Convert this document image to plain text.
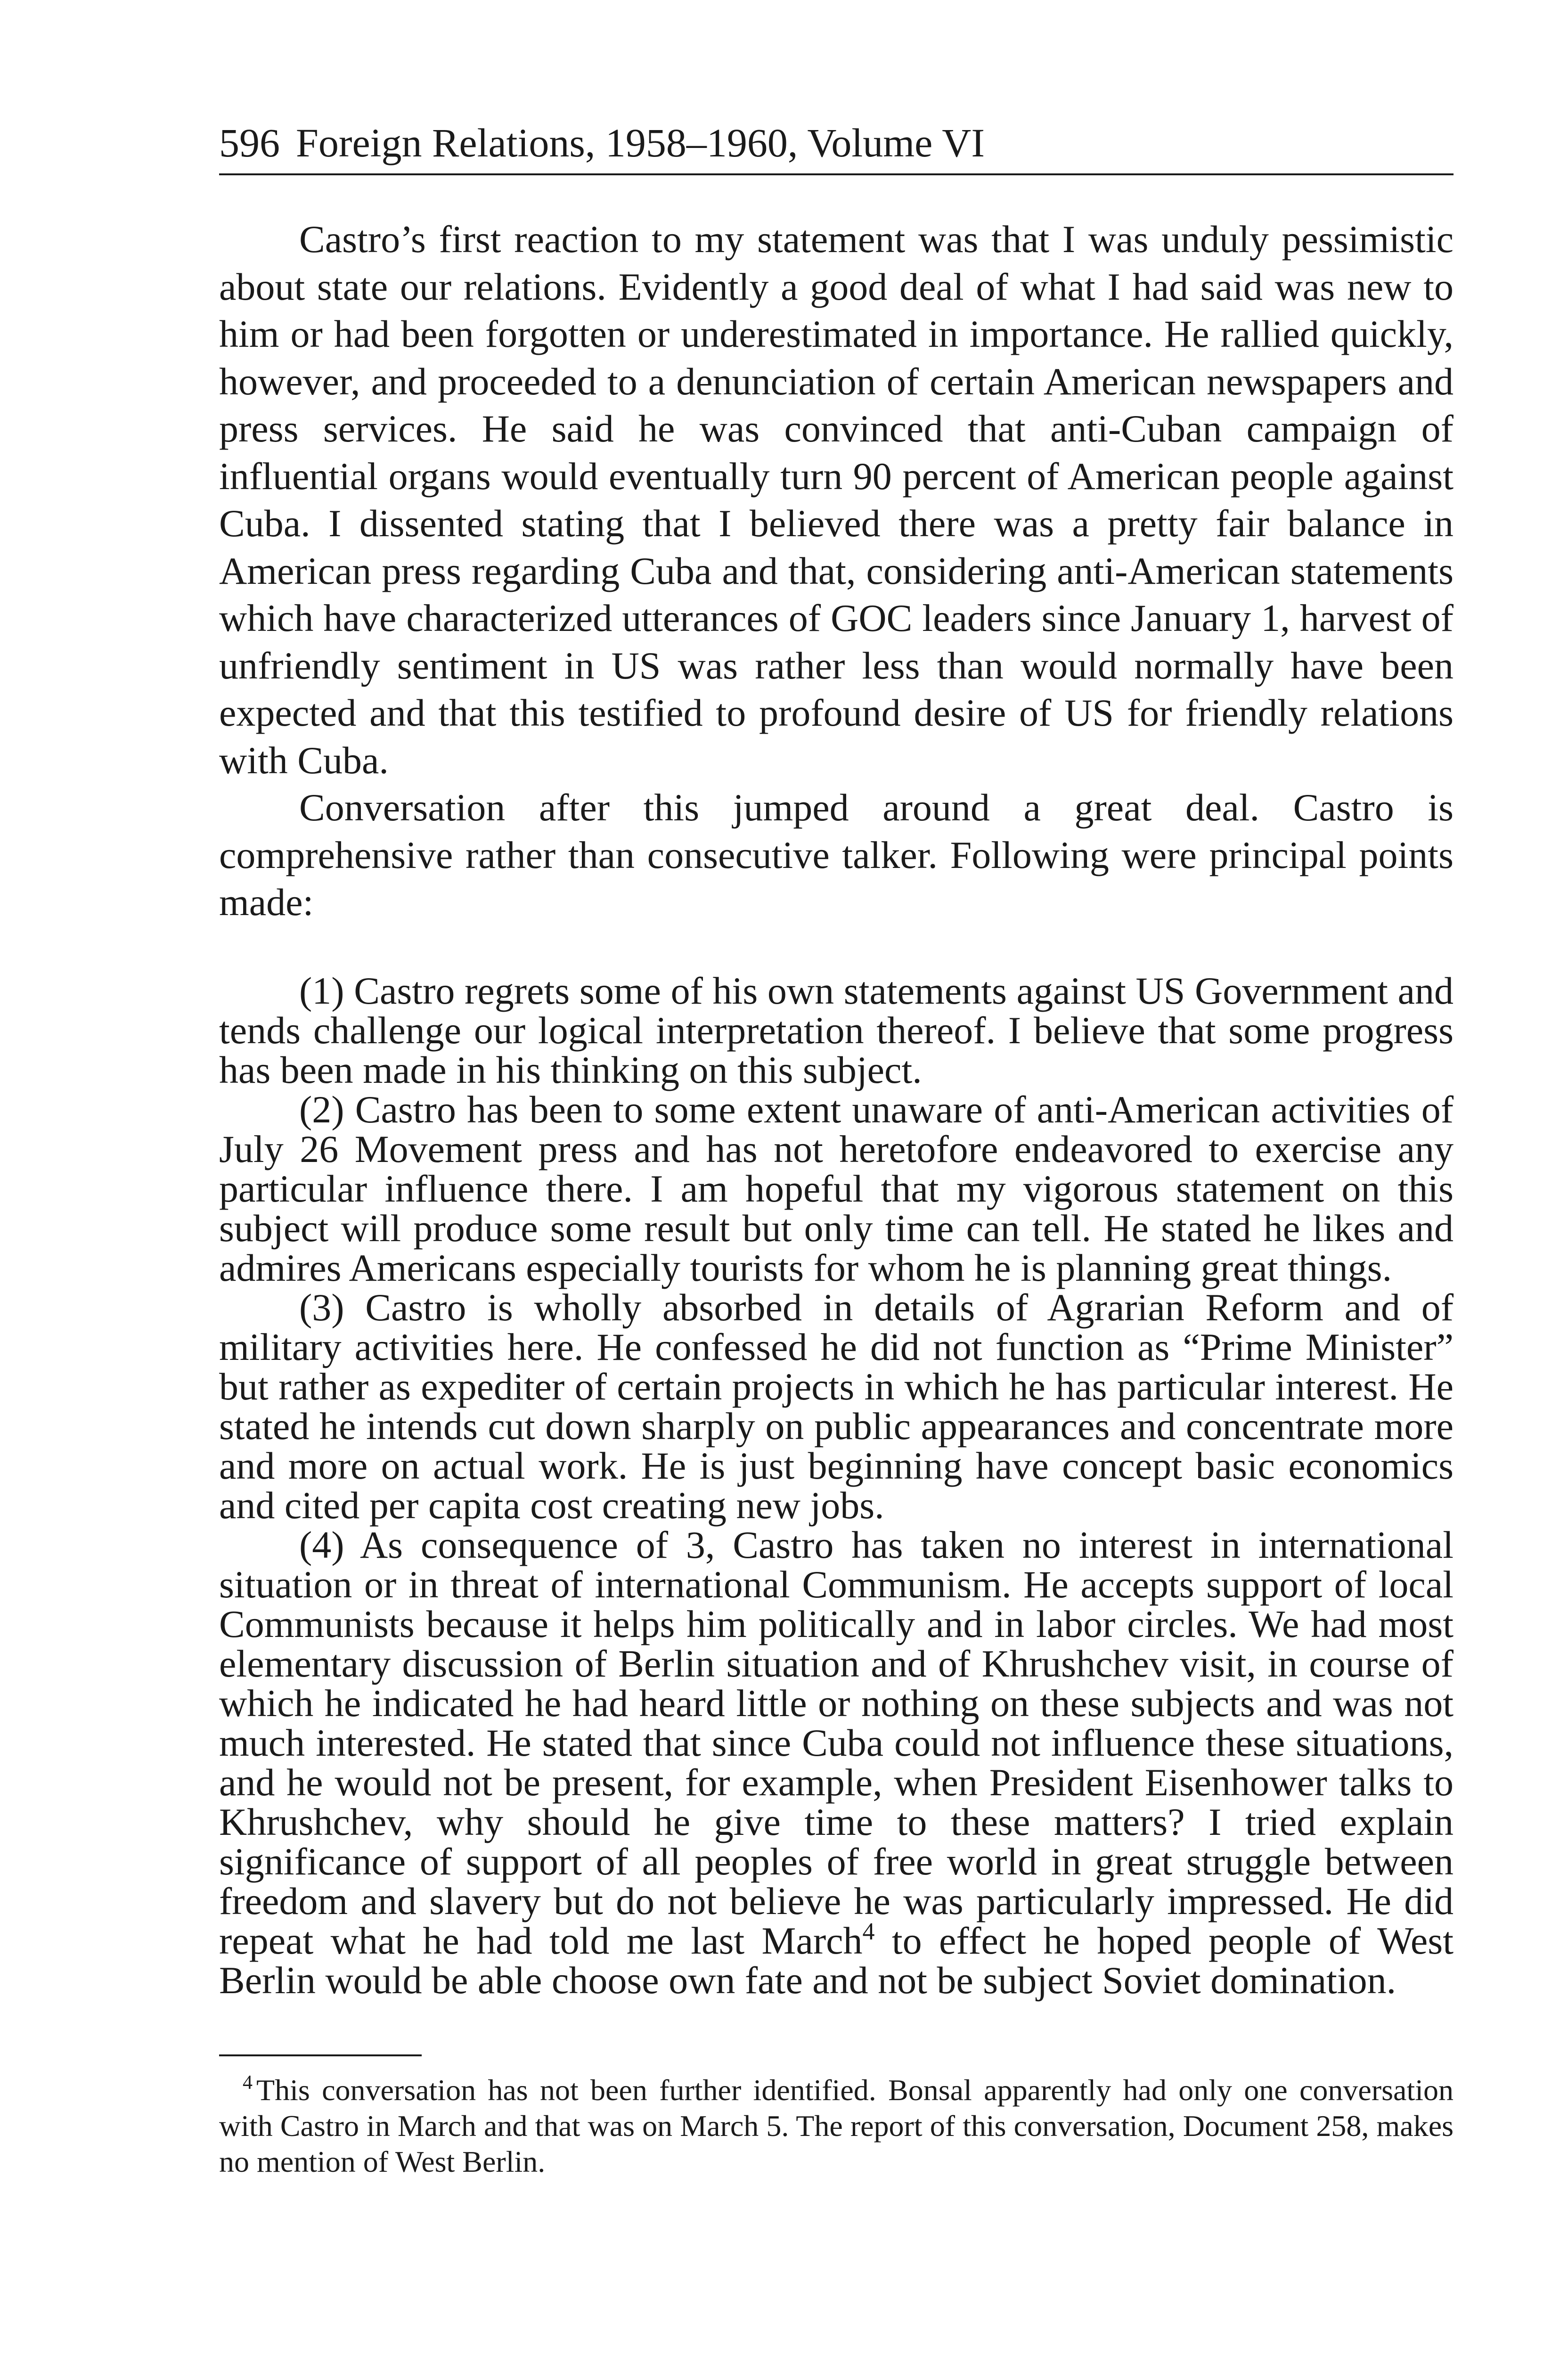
596 Foreign Relations, 1958–1960, Volume VI

Castro’s first reaction to my statement was that I was unduly pessimistic about state our relations. Evidently a good deal of what I had said was new to him or had been forgotten or underestimated in importance. He rallied quickly, however, and proceeded to a denunciation of certain American newspapers and press services. He said he was convinced that anti-Cuban campaign of influential organs would eventually turn 90 percent of American people against Cuba. I dissented stating that I believed there was a pretty fair balance in American press regarding Cuba and that, considering anti-American statements which have characterized utterances of GOC leaders since January 1, harvest of unfriendly sentiment in US was rather less than would normally have been expected and that this testified to profound desire of US for friendly relations with Cuba.

Conversation after this jumped around a great deal. Castro is comprehensive rather than consecutive talker. Following were principal points made:

(1) Castro regrets some of his own statements against US Government and tends challenge our logical interpretation thereof. I believe that some progress has been made in his thinking on this subject.

(2) Castro has been to some extent unaware of anti-American activities of July 26 Movement press and has not heretofore endeavored to exercise any particular influence there. I am hopeful that my vigorous statement on this subject will produce some result but only time can tell. He stated he likes and admires Americans especially tourists for whom he is planning great things.

(3) Castro is wholly absorbed in details of Agrarian Reform and of military activities here. He confessed he did not function as “Prime Minister” but rather as expediter of certain projects in which he has particular interest. He stated he intends cut down sharply on public appearances and concentrate more and more on actual work. He is just beginning have concept basic economics and cited per capita cost creating new jobs.

(4) As consequence of 3, Castro has taken no interest in international situation or in threat of international Communism. He accepts support of local Communists because it helps him politically and in labor circles. We had most elementary discussion of Berlin situation and of Khrushchev visit, in course of which he indicated he had heard little or nothing on these subjects and was not much interested. He stated that since Cuba could not influence these situations, and he would not be present, for example, when President Eisenhower talks to Khrushchev, why should he give time to these matters? I tried explain significance of support of all peoples of free world in great struggle between freedom and slavery but do not believe he was particularly impressed. He did repeat what he had told me last March$^4$ to effect he hoped people of West Berlin would be able choose own fate and not be subject Soviet domination.

$^4$ This conversation has not been further identified. Bonsal apparently had only one conversation with Castro in March and that was on March 5. The report of this conversation, Document 258, makes no mention of West Berlin.
